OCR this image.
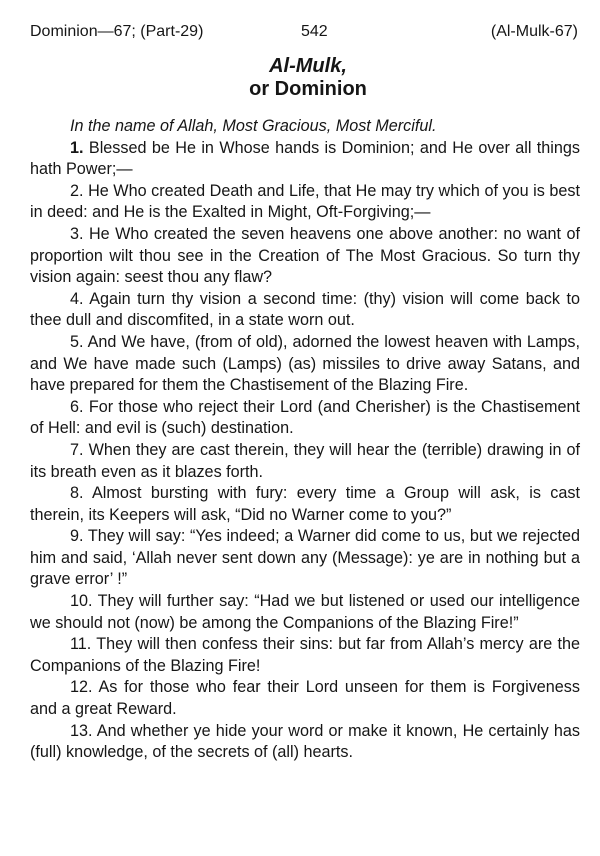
Dominion—67; (Part-29)	542	(Al-Mulk-67)
Al-Mulk,
or Dominion

In the name of Allah, Most Gracious, Most Merciful.

1. Blessed be He in Whose hands is Dominion; and He over all things hath Power;—

2. He Who created Death and Life, that He may try which of you is best in deed: and He is the Exalted in Might, Oft-Forgiving;—

3. He Who created the seven heavens one above another: no want of proportion wilt thou see in the Creation of The Most Gracious. So turn thy vision again: seest thou any flaw?

4. Again turn thy vision a second time: (thy) vision will come back to thee dull and discomfited, in a state worn out.

5. And We have, (from of old), adorned the lowest heaven with Lamps, and We have made such (Lamps) (as) missiles to drive away Satans, and have prepared for them the Chastisement of the Blazing Fire.

6. For those who reject their Lord (and Cherisher) is the Chastisement of Hell: and evil is (such) destination.

7. When they are cast therein, they will hear the (terrible) drawing in of its breath even as it blazes forth.

8. Almost bursting with fury: every time a Group will ask, is cast therein, its Keepers will ask, “Did no Warner come to you?”

9. They will say: “Yes indeed; a Warner did come to us, but we rejected him and said, ‘Allah never sent down any (Message): ye are in nothing but a grave error’ !”

10. They will further say: “Had we but listened or used our intelligence we should not (now) be among the Companions of the Blazing Fire!”

11. They will then confess their sins: but far from Allah’s mercy are the Companions of the Blazing Fire!

12. As for those who fear their Lord unseen for them is Forgiveness and a great Reward.

13. And whether ye hide your word or make it known, He certainly has (full) knowledge, of the secrets of (all) hearts.
